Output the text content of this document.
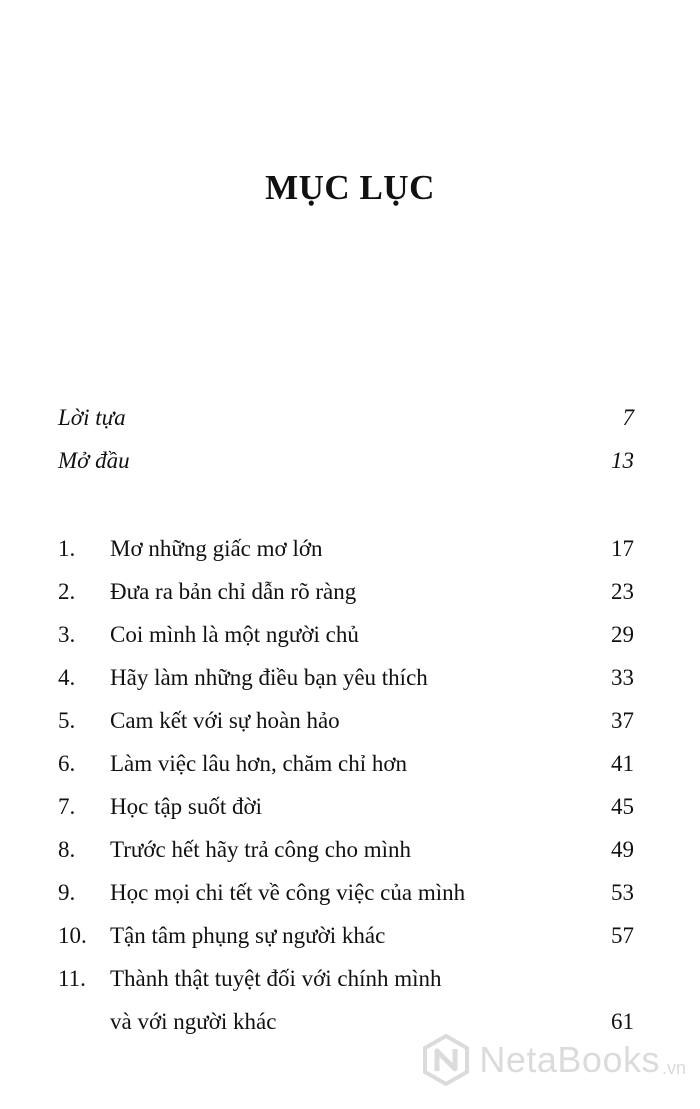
MỤC LỤC
Lời tựa	7
Mở đầu	13
1. Mơ những giấc mơ lớn	17
2. Đưa ra bản chỉ dẫn rõ ràng	23
3. Coi mình là một người chủ	29
4. Hãy làm những điều bạn yêu thích	33
5. Cam kết với sự hoàn hảo	37
6. Làm việc lâu hơn, chăm chỉ hơn	41
7. Học tập suốt đời	45
8. Trước hết hãy trả công cho mình	49
9. Học mọi chi tết về công việc của mình	53
10. Tận tâm phụng sự người khác	57
11. Thành thật tuyệt đối với chính mình
và với người khác	61
NetaBooks .vn
